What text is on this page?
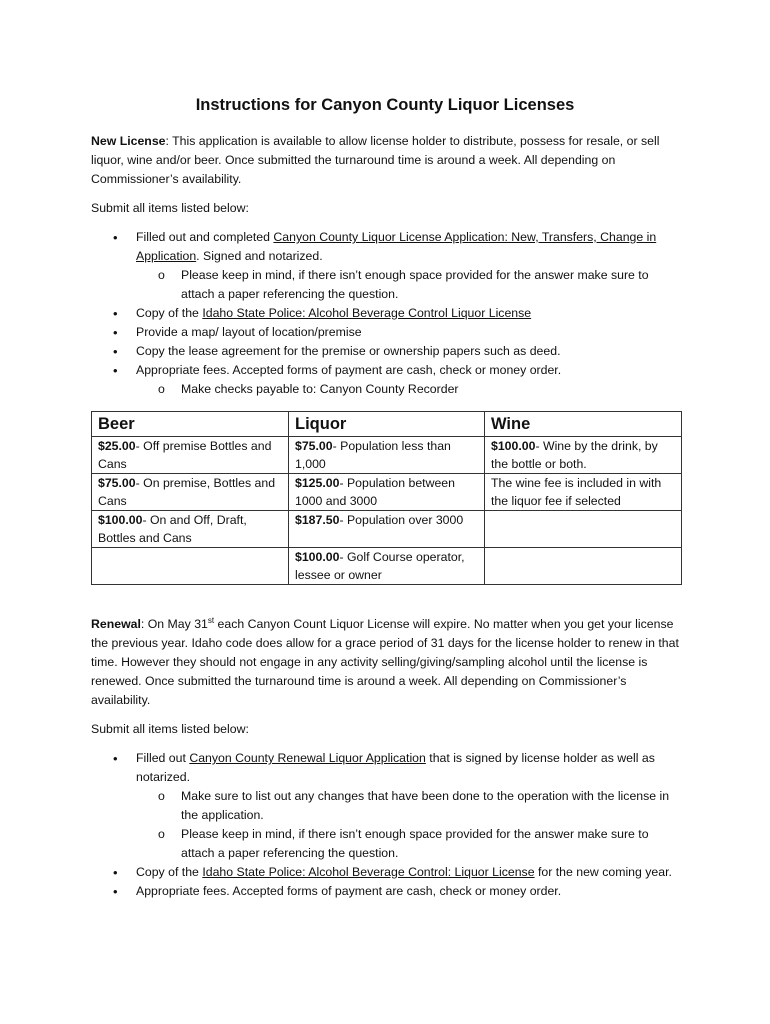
Instructions for Canyon County Liquor Licenses

New License: This application is available to allow license holder to distribute, possess for resale, or sell liquor, wine and/or beer. Once submitted the turnaround time is around a week. All depending on Commissioner’s availability.

Submit all items listed below:

• Filled out and completed Canyon County Liquor License Application: New, Transfers, Change in Application. Signed and notarized.
o Please keep in mind, if there isn’t enough space provided for the answer make sure to attach a paper referencing the question.
• Copy of the Idaho State Police: Alcohol Beverage Control Liquor License
• Provide a map/ layout of location/premise
• Copy the lease agreement for the premise or ownership papers such as deed.
• Appropriate fees. Accepted forms of payment are cash, check or money order.
o Make checks payable to: Canyon County Recorder
Beer	Liquor	Wine
$25.00- Off premise Bottles and Cans	$75.00- Population less than 1,000	$100.00- Wine by the drink, by the bottle or both.
$75.00- On premise, Bottles and Cans	$125.00- Population between 1000 and 3000	The wine fee is included in with the liquor fee if selected
$100.00- On and Off, Draft, Bottles and Cans	$187.50- Population over 3000	
	$100.00- Golf Course operator, lessee or owner	

Renewal: On May 31st each Canyon Count Liquor License will expire. No matter when you get your license the previous year. Idaho code does allow for a grace period of 31 days for the license holder to renew in that time. However they should not engage in any activity selling/giving/sampling alcohol until the license is renewed. Once submitted the turnaround time is around a week. All depending on Commissioner’s availability.

Submit all items listed below:

• Filled out Canyon County Renewal Liquor Application that is signed by license holder as well as notarized.
o Make sure to list out any changes that have been done to the operation with the license in the application.
o Please keep in mind, if there isn’t enough space provided for the answer make sure to attach a paper referencing the question.
• Copy of the Idaho State Police: Alcohol Beverage Control: Liquor License for the new coming year.
• Appropriate fees. Accepted forms of payment are cash, check or money order.
